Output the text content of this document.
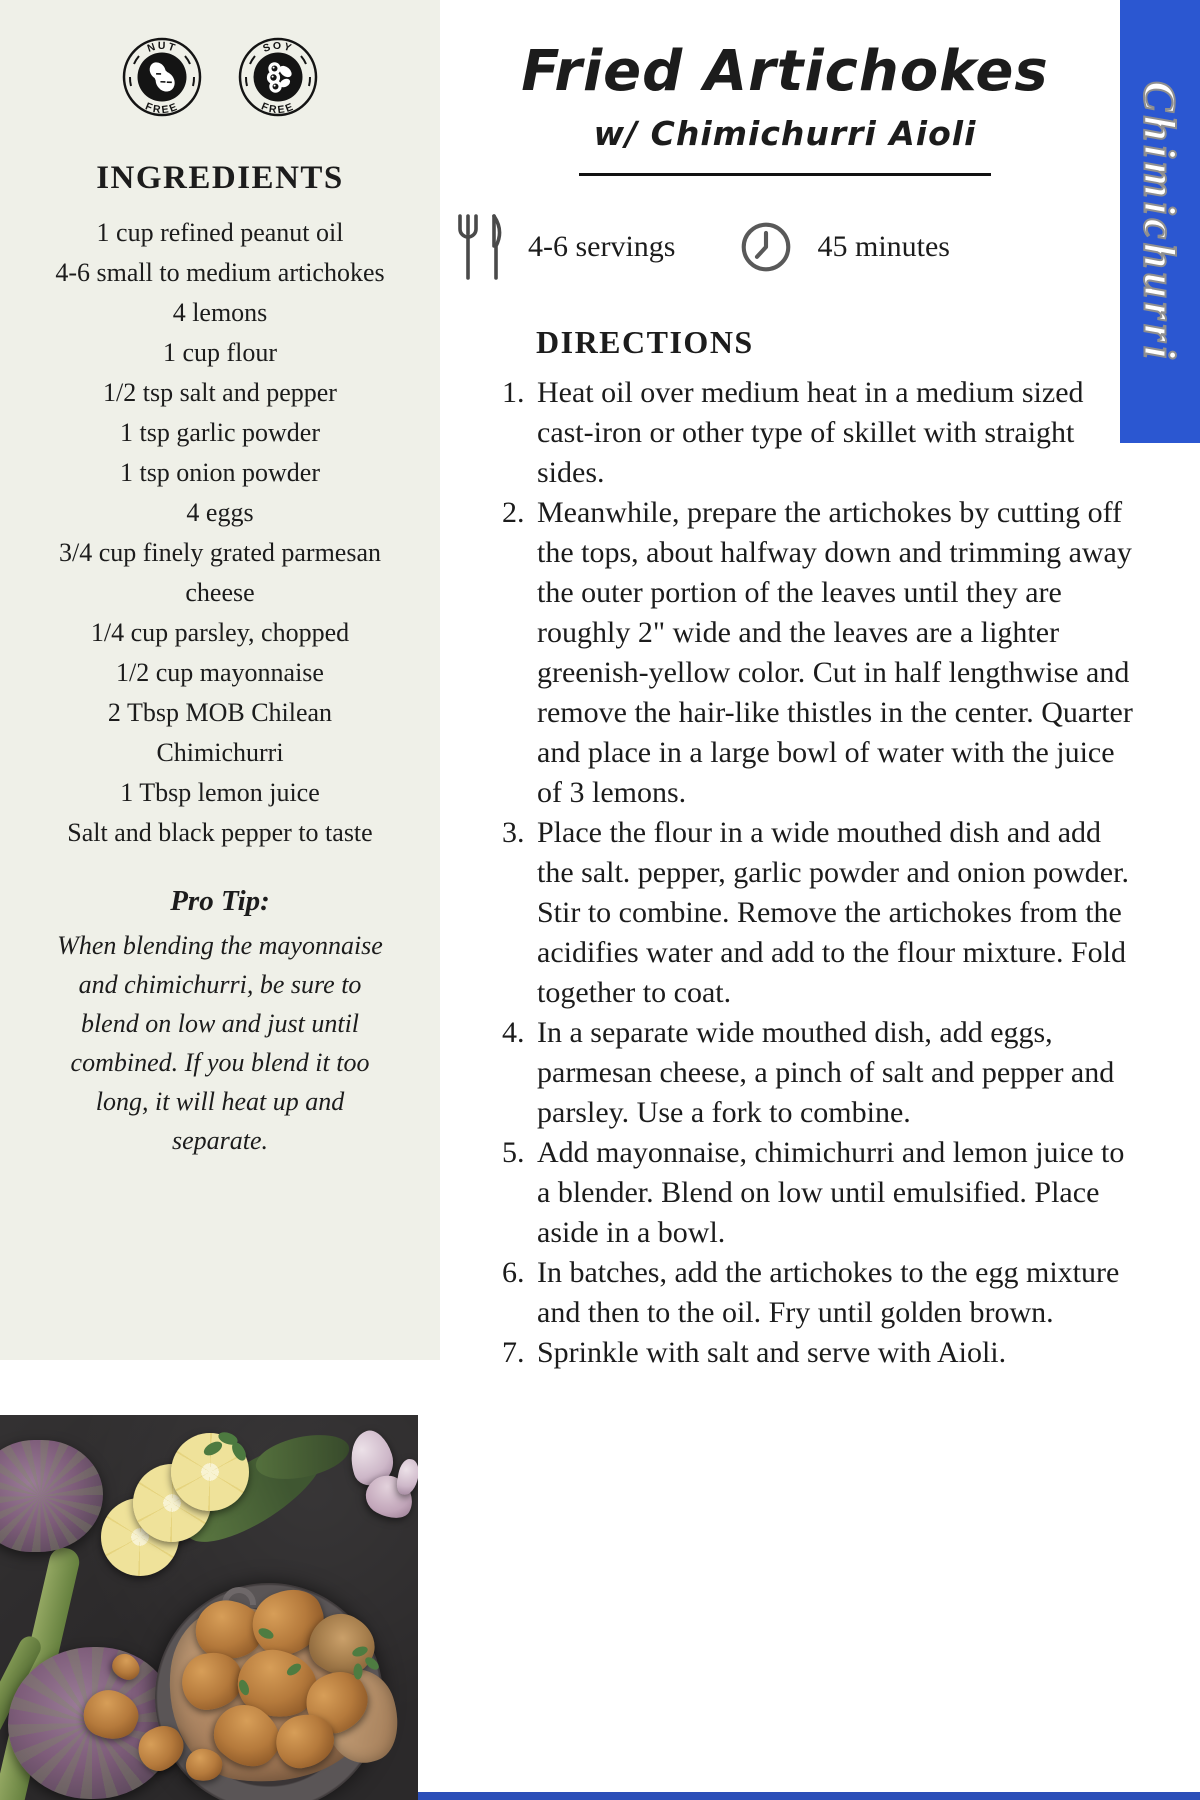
NUT
FREE
SOY
FREE
INGREDIENTS
1 cup refined peanut oil
4-6 small to medium artichokes
4 lemons
1 cup flour
1/2 tsp salt and pepper
1 tsp garlic powder
1 tsp onion powder
4 eggs
3/4 cup finely grated parmesan cheese
1/4 cup parsley, chopped
1/2 cup mayonnaise
2 Tbsp MOB Chilean Chimichurri
1 Tbsp lemon juice
Salt and black pepper to taste
Pro Tip:

When blending the mayonnaise and chimichurri, be sure to blend on low and just until combined. If you blend it too long, it will heat up and separate.

Fried Artichokes
w/ Chimichurri Aioli
4-6 servings	45 minutes
DIRECTIONS
Heat oil over medium heat in a medium sized cast-iron or other type of skillet with straight sides.
Meanwhile, prepare the artichokes by cutting off the tops, about halfway down and trimming away the outer portion of the leaves until they are roughly 2" wide and the leaves are a lighter greenish-yellow color. Cut in half lengthwise and remove the hair-like thistles in the center. Quarter and place in a large bowl of water with the juice of 3 lemons.
Place the flour in a wide mouthed dish and add the salt. pepper, garlic powder and onion powder. Stir to combine. Remove the artichokes from the acidifies water and add to the flour mixture. Fold together to coat.
In a separate wide mouthed dish, add eggs, parmesan cheese, a pinch of salt and pepper and parsley. Use a fork to combine.
Add mayonnaise, chimichurri and lemon juice to a blender. Blend on low until emulsified. Place aside in a bowl.
In batches, add the artichokes to the egg mixture and then to the oil. Fry until golden brown.
Sprinkle with salt and serve with Aioli.
Chimichurri
